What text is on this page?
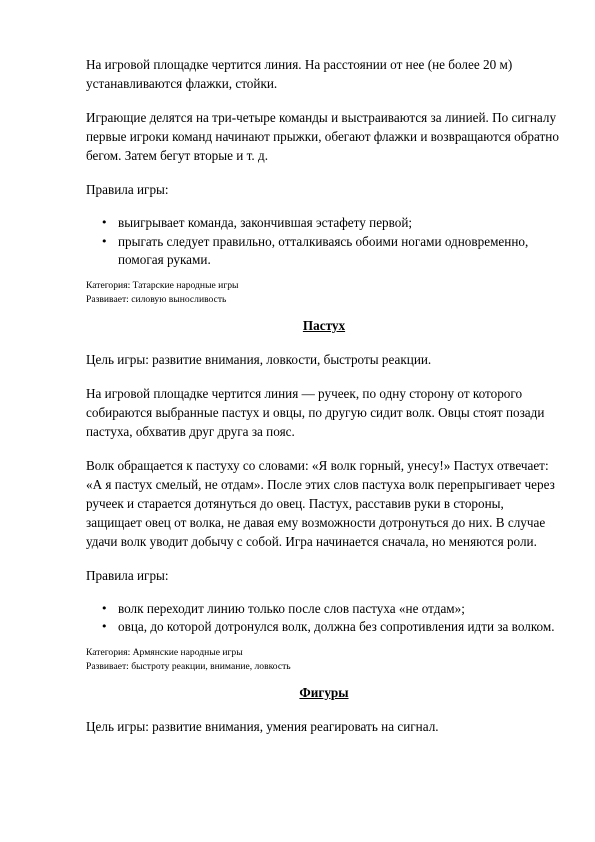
На игровой площадке чертится линия. На расстоянии от нее (не более 20 м) устанавливаются флажки, стойки.

Играющие делятся на три-четыре команды и выстраиваются за линией. По сигналу первые игроки команд начинают прыжки, обегают флажки и возвращаются обратно бегом. Затем бегут вторые и т. д.

Правила игры:

• выигрывает команда, закончившая эстафету первой;
• прыгать следует правильно, отталкиваясь обоими ногами одновременно, помогая руками.

Категория: Татарские народные игры

Развивает: силовую выносливость

Пастух

Цель игры: развитие внимания, ловкости, быстроты реакции.

На игровой площадке чертится линия — ручеек, по одну сторону от которого собираются выбранные пастух и овцы, по другую сидит волк. Овцы стоят позади пастуха, обхватив друг друга за пояс.

Волк обращается к пастуху со словами: «Я волк горный, унесу!» Пастух отвечает: «А я пастух смелый, не отдам». После этих слов пастуха волк перепрыгивает через ручеек и старается дотянуться до овец. Пастух, расставив руки в стороны, защищает овец от волка, не давая ему возможности дотронуться до них. В случае удачи волк уводит добычу с собой. Игра начинается сначала, но меняются роли.

Правила игры:

• волк переходит линию только после слов пастуха «не отдам»;
• овца, до которой дотронулся волк, должна без сопротивления идти за волком.

Категория: Армянские народные игры

Развивает: быстроту реакции, внимание, ловкость

Фигуры

Цель игры: развитие внимания, умения реагировать на сигнал.
